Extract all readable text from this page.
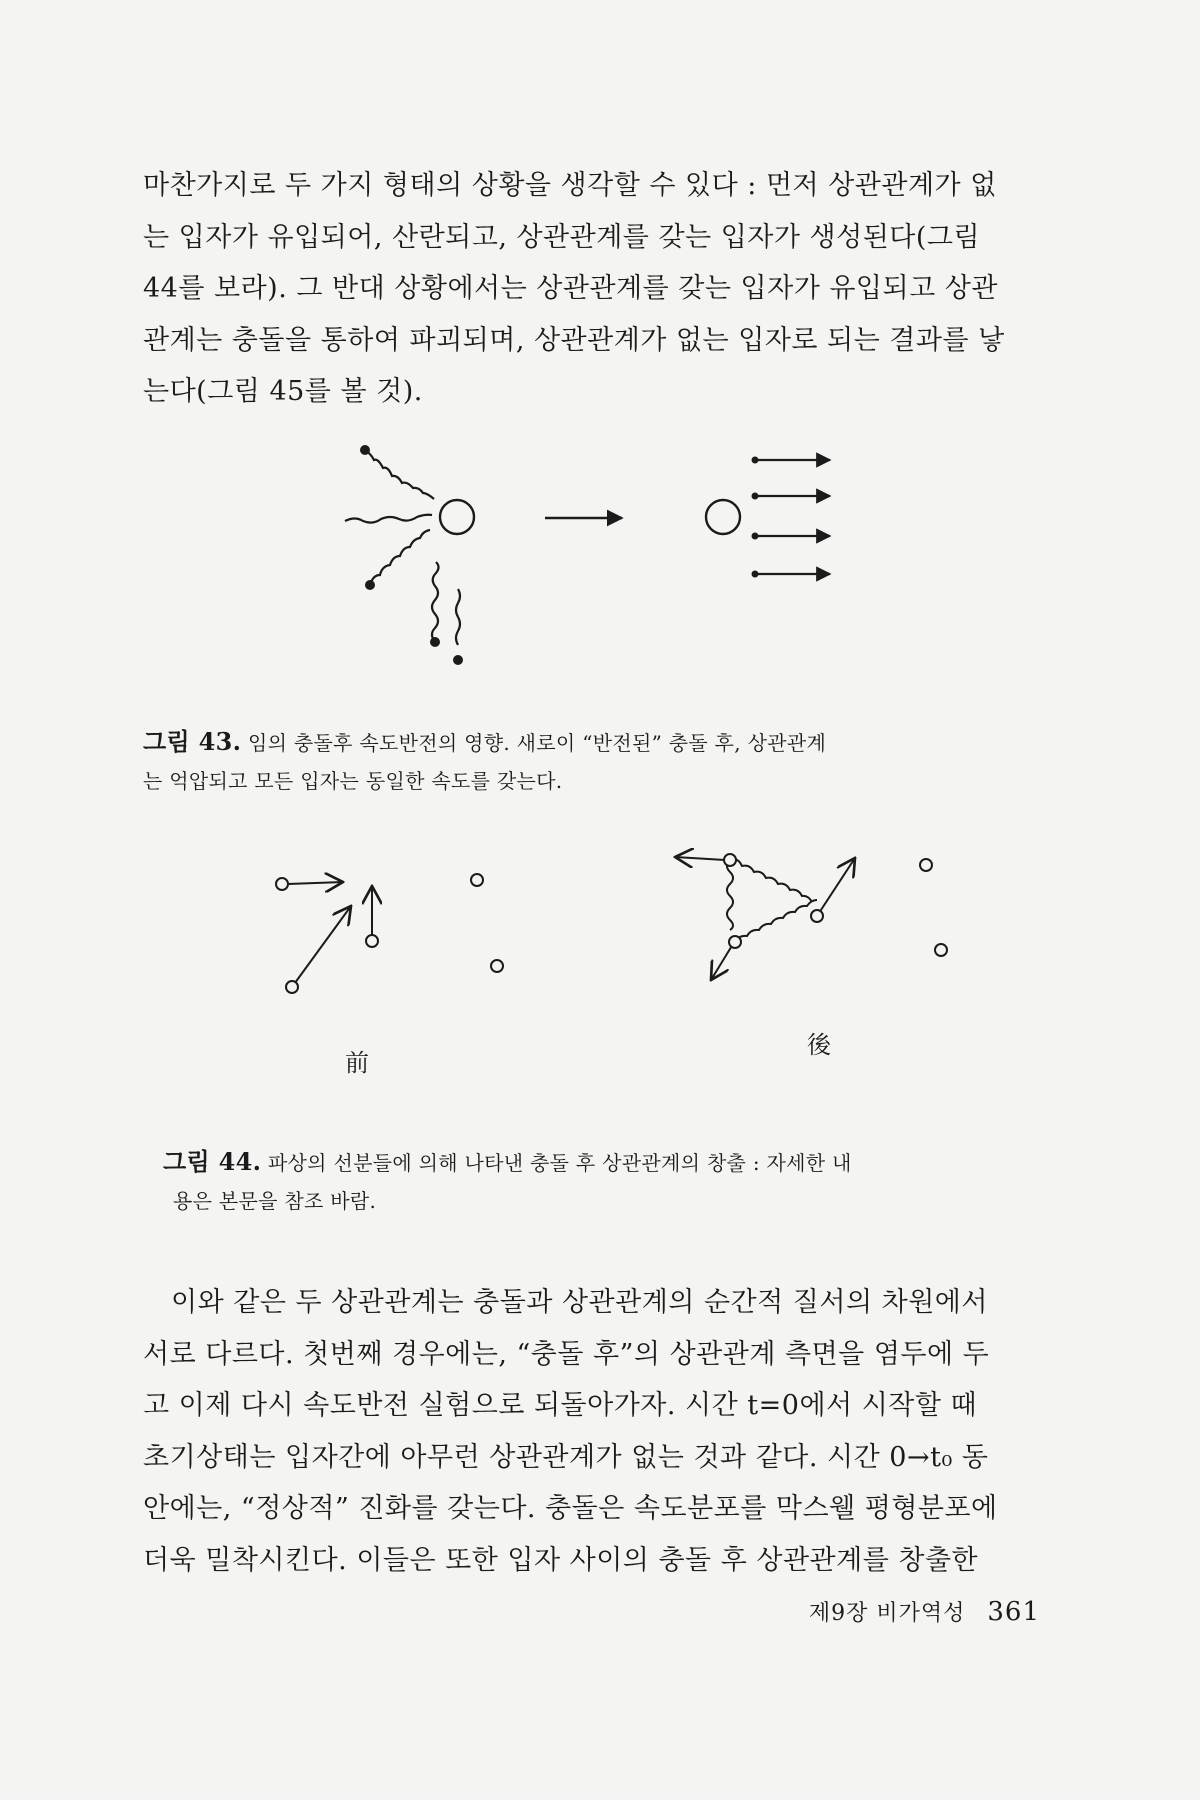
마찬가지로 두 가지 형태의 상황을 생각할 수 있다 : 먼저 상관관계가 없
는 입자가 유입되어, 산란되고, 상관관계를 갖는 입자가 생성된다(그림
44를 보라). 그 반대 상황에서는 상관관계를 갖는 입자가 유입되고 상관
관계는 충돌을 통하여 파괴되며, 상관관계가 없는 입자로 되는 결과를 낳
는다(그림 45를 볼 것).

그림 43. 임의 충돌후 속도반전의 영향. 새로이 “반전된” 충돌 후, 상관관계
는 억압되고 모든 입자는 동일한 속도를 갖는다.

前
後

그림 44. 파상의 선분들에 의해 나타낸 충돌 후 상관관계의 창출 : 자세한 내
용은 본문을 참조 바람.

이와 같은 두 상관관계는 충돌과 상관관계의 순간적 질서의 차원에서
서로 다르다. 첫번째 경우에는, “충돌 후”의 상관관계 측면을 염두에 두
고 이제 다시 속도반전 실험으로 되돌아가자. 시간 t=0에서 시작할 때
초기상태는 입자간에 아무런 상관관계가 없는 것과 같다. 시간 0→t₀ 동
안에는, “정상적” 진화를 갖는다. 충돌은 속도분포를 막스웰 평형분포에
더욱 밀착시킨다. 이들은 또한 입자 사이의 충돌 후 상관관계를 창출한

제9장 비가역성 361
